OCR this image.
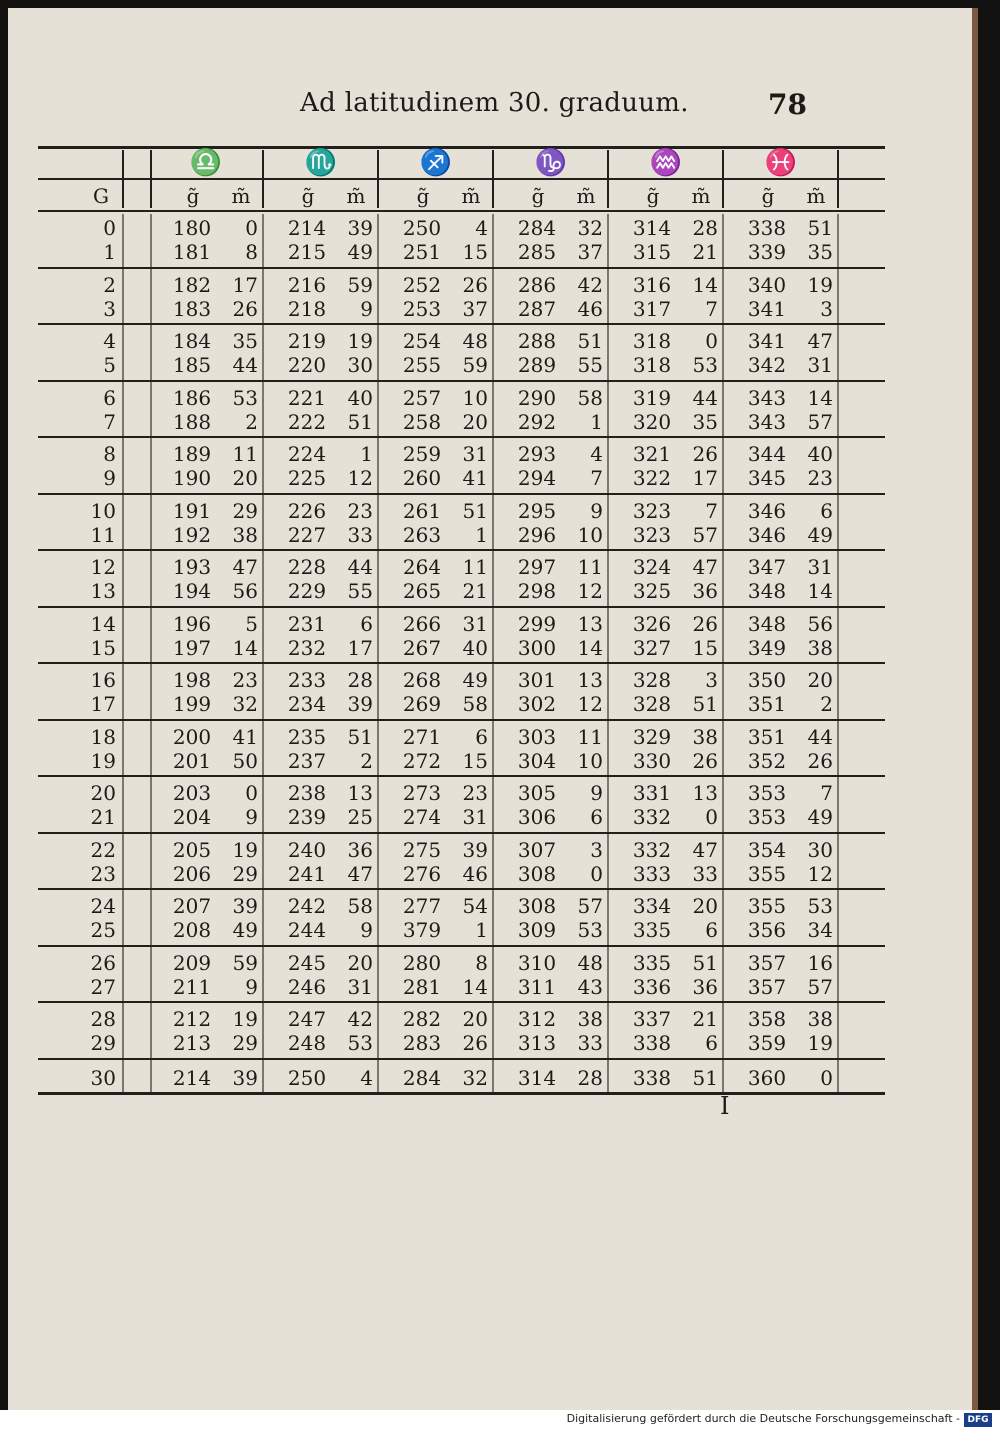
Ad latitudinem 30. graduum.	78
♎	♏	♐	♑	♒	♓
G	g̃	m̃	g̃	m̃	g̃	m̃	g̃	m̃	g̃	m̃	g̃	m̃
0	180	0	214	39	250	4	284	32	314	28	338	51
1	181	8	215	49	251	15	285	37	315	21	339	35
2	182	17	216	59	252	26	286	42	316	14	340	19
3	183	26	218	9	253	37	287	46	317	7	341	3
4	184	35	219	19	254	48	288	51	318	0	341	47
5	185	44	220	30	255	59	289	55	318	53	342	31
6	186	53	221	40	257	10	290	58	319	44	343	14
7	188	2	222	51	258	20	292	1	320	35	343	57
8	189	11	224	1	259	31	293	4	321	26	344	40
9	190	20	225	12	260	41	294	7	322	17	345	23
10	191	29	226	23	261	51	295	9	323	7	346	6
11	192	38	227	33	263	1	296	10	323	57	346	49
12	193	47	228	44	264	11	297	11	324	47	347	31
13	194	56	229	55	265	21	298	12	325	36	348	14
14	196	5	231	6	266	31	299	13	326	26	348	56
15	197	14	232	17	267	40	300	14	327	15	349	38
16	198	23	233	28	268	49	301	13	328	3	350	20
17	199	32	234	39	269	58	302	12	328	51	351	2
18	200	41	235	51	271	6	303	11	329	38	351	44
19	201	50	237	2	272	15	304	10	330	26	352	26
20	203	0	238	13	273	23	305	9	331	13	353	7
21	204	9	239	25	274	31	306	6	332	0	353	49
22	205	19	240	36	275	39	307	3	332	47	354	30
23	206	29	241	47	276	46	308	0	333	33	355	12
24	207	39	242	58	277	54	308	57	334	20	355	53
25	208	49	244	9	379	1	309	53	335	6	356	34
26	209	59	245	20	280	8	310	48	335	51	357	16
27	211	9	246	31	281	14	311	43	336	36	357	57
28	212	19	247	42	282	20	312	38	337	21	358	38
29	213	29	248	53	283	26	313	33	338	6	359	19
30	214	39	250	4	284	32	314	28	338	51	360	0
I
Digitalisierung gefördert durch die Deutsche Forschungsgemeinschaft - DFG
